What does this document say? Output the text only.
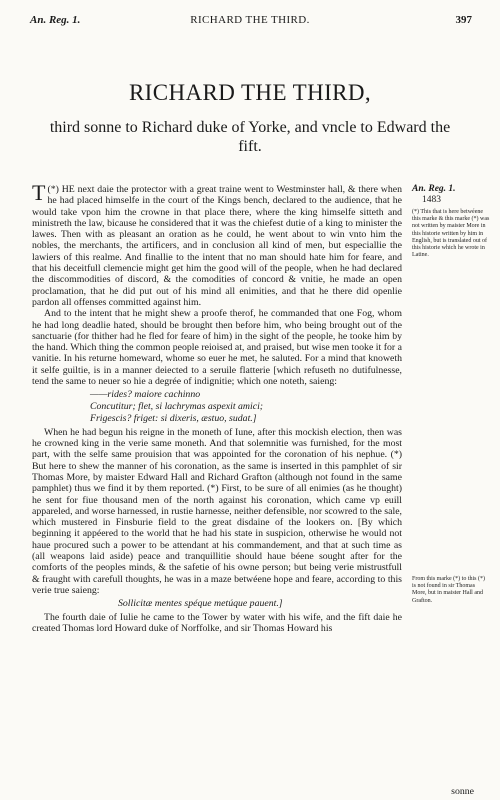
An. Reg. 1.	RICHARD THE THIRD.	397
RICHARD THE THIRD,
third sonne to Richard duke of Yorke, and vncle to Edward the fift.

(*)
T HE next daie the protector with a great traine went to Westminster hall, & there when he had placed himselfe in the court of the Kings bench, declared to the audience, that he would take vpon him the crowne in that place there, where the king himselfe sitteth and ministreth the law, bicause he considered that it was the chiefest dutie of a king to minister the lawes. Then with as pleasant an oration as he could, he went about to win vnto him the nobles, the merchants, the artificers, and in conclusion all kind of men, but especiallie the lawiers of this realme. And finallie to the intent that no man should hate him for feare, and that his deceitfull clemencie might get him the good will of the people, when he had declared the discommodities of discord, & the comodities of concord & vnitie, he made an open proclamation, that he did put out of his mind all enimities, and that he there did openlie pardon all offenses committed against him.

And to the intent that he might shew a proofe therof, he commanded that one Fog, whom he had long deadlie hated, should be brought then before him, who being brought out of the sanctuarie (for thither had he fled for feare of him) in the sight of the people, he tooke him by the hand. Which thing the common people reioised at, and praised, but wise men tooke it for a vanitie. In his returne homeward, whome so euer he met, he saluted. For a mind that knoweth it selfe guiltie, is in a manner deiected to a seruile flatterie [which refuseth no dutifulnesse, tend the same to neuer so hie a degrée of indignitie; which one noteth, saieng:

——rides? maiore cachinno
Concutitur; flet, si lachrymas aspexit amici;
Frigescis? friget: si dixeris, æstuo, sudat.]

When he had begun his reigne in the moneth of Iune, after this mockish election, then was he crowned king in the verie same moneth. And that solemnitie was furnished, for the most part, with the selfe same prouision that was appointed for the coronation of his nephue. (*) But here to shew the manner of his coronation, as the same is inserted in this pamphlet of sir Thomas More, by maister Edward Hall and Richard Grafton (although not found in the same pamphlet) thus we find it by them reported. (*) First, to be sure of all enimies (as he thought) he sent for fiue thousand men of the north against his coronation, which came vp euill appareled, and worse harnessed, in rustie harnesse, neither defensible, nor scowred to the sale, which mustered in Finsburie field to the great disdaine of the lookers on. [By which beginning it appéered to the world that he had his state in suspicion, otherwise he would not haue procured such a power to be attendant at his commandement, and that at such time as (all weapons laid aside) peace and tranquillitie should haue béene sought after for the comforts of the peoples minds, & the safetie of his owne person; but being verie mistrustfull & fraught with carefull thoughts, he was in a maze betwéene hope and feare, according to this verie true saieng:

Sollicitæ mentes spéque metúque pauent.]

The fourth daie of Iulie he came to the Tower by water with his wife, and the fift daie he created Thomas lord Howard duke of Norffolke, and sir Thomas Howard his

An. Reg. 1.
1483
(*) This that is here betwéene this marke & this marke (*) was not written by maister More in this historie written by him in English, but is translated out of this historie which he wrote in Latine.
From this marke (*) to this (*) is not found in sir Thomas More, but in maister Hall and Grafton.
sonne
